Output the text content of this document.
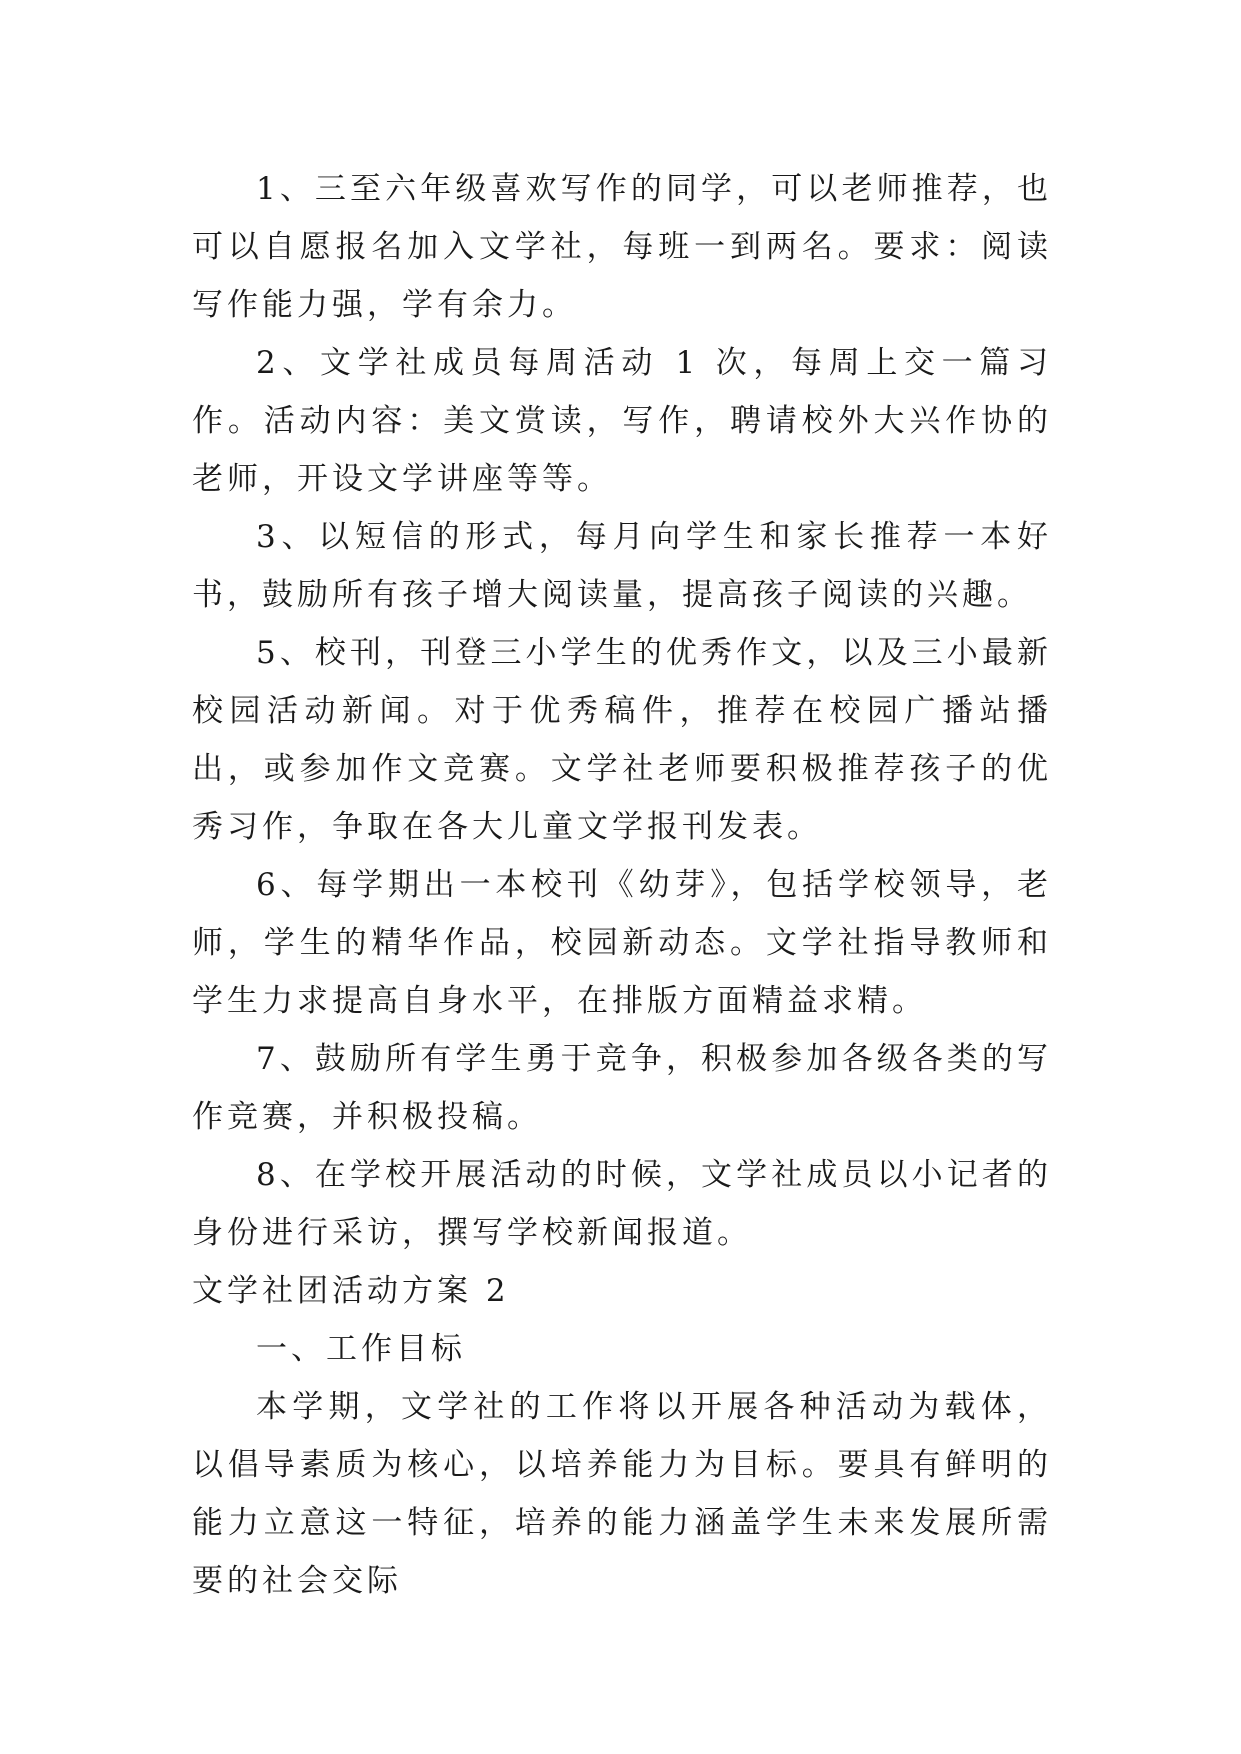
1、三至六年级喜欢写作的同学，可以老师推荐，也可以自愿报名加入文学社，每班一到两名。要求：阅读写作能力强，学有余力。

2、文学社成员每周活动 1 次，每周上交一篇习作。活动内容：美文赏读，写作，聘请校外大兴作协的老师，开设文学讲座等等。

3、以短信的形式，每月向学生和家长推荐一本好书，鼓励所有孩子增大阅读量，提高孩子阅读的兴趣。

5、校刊，刊登三小学生的优秀作文，以及三小最新校园活动新闻。对于优秀稿件，推荐在校园广播站播出，或参加作文竞赛。文学社老师要积极推荐孩子的优秀习作，争取在各大儿童文学报刊发表。

6、每学期出一本校刊《幼芽》，包括学校领导，老师，学生的精华作品，校园新动态。文学社指导教师和学生力求提高自身水平，在排版方面精益求精。

7、鼓励所有学生勇于竞争，积极参加各级各类的写作竞赛，并积极投稿。

8、在学校开展活动的时候，文学社成员以小记者的身份进行采访，撰写学校新闻报道。

文学社团活动方案 2

一、工作目标

本学期，文学社的工作将以开展各种活动为载体，以倡导素质为核心，以培养能力为目标。要具有鲜明的能力立意这一特征，培养的能力涵盖学生未来发展所需要的社会交际
